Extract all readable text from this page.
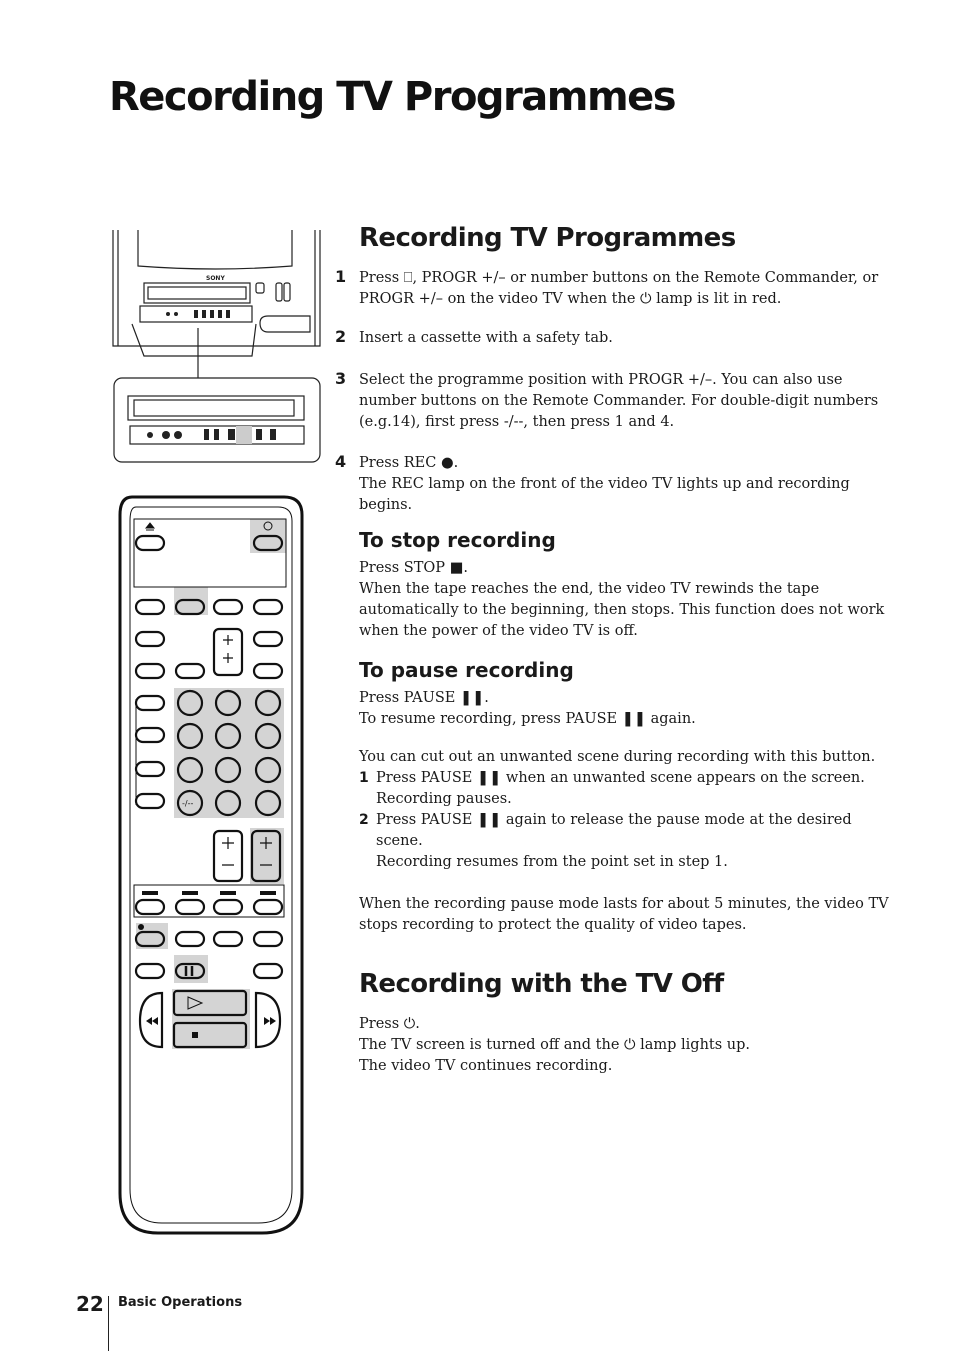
Recording TV Programmes
SONY
-/--
Recording TV Programmes
1 Press ⎕, PROGR +/– or number buttons on the Remote Commander, or PROGR +/– on the video TV when the ⏻ lamp is lit in red.

2 Insert a cassette with a safety tab.

3 Select the programme position with PROGR +/–. You can also use number buttons on the Remote Commander. For double-digit numbers (e.g.14), first press -/--, then press 1 and 4.

4 Press REC ●.

The REC lamp on the front of the video TV lights up and recording begins.

To stop recording

Press STOP ■.

When the tape reaches the end, the video TV rewinds the tape automatically to the beginning, then stops. This function does not work when the power of the video TV is off.

To pause recording

Press PAUSE ❚❚.

To resume recording, press PAUSE ❚❚ again.

You can cut out an unwanted scene during recording with this button.

1 Press PAUSE ❚❚ when an unwanted scene appears on the screen.

Recording pauses.

2 Press PAUSE ❚❚ again to release the pause mode at the desired scene.

Recording resumes from the point set in step 1.

When the recording pause mode lasts for about 5 minutes, the video TV stops recording to protect the quality of video tapes.

Recording with the TV Off

Press ⏻.

The TV screen is turned off and the ⏻ lamp lights up.

The video TV continues recording.

22 Basic Operations
